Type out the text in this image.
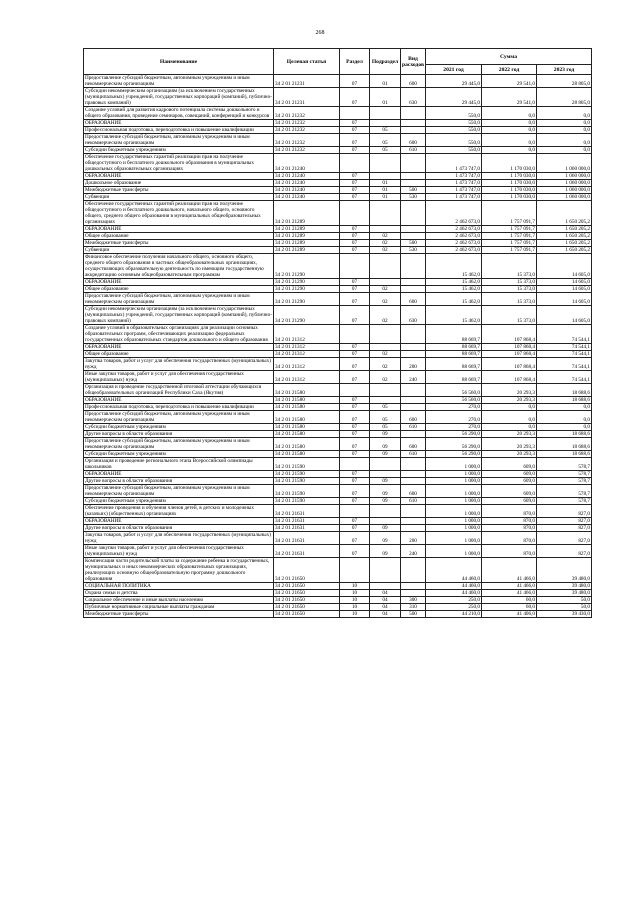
268
Наименование	Целевая статья	Раздел	Подраздел	Вид расходов	Сумма		
					2021 год	2022 год	2023 год
Предоставление субсидий бюджетным, автономным учреждениям и иным некоммерческим организациям	34 2 01 21231	07	01	600	29 445,0	29 541,0	28 805,0
Субсидии некоммерческим организациям (за исключением государственных (муниципальных) учреждений, государственных корпораций (компаний), публично-правовых компаний)	34 2 01 21231	07	01	630	29 445,0	29 541,0	28 805,0
Создание условий для развития кадрового потенциала системы дошкольного и общего образования, проведение семинаров, совещаний, конференций и конкурсов	34 2 01 21232				550,0	0,0	0,0
ОБРАЗОВАНИЕ	34 2 01 21232	07			550,0	0,0	0,0
Профессиональная подготовка, переподготовка и повышение квалификации	34 2 01 21232	07	05		550,0	0,0	0,0
Предоставление субсидий бюджетным, автономным учреждениям и иным некоммерческим организациям	34 2 01 21232	07	05	600	550,0	0,0	0,0
Субсидии бюджетным учреждениям	34 2 01 21232	07	05	610	550,0	0,0	0,0
Обеспечение государственных гарантий реализации прав на получение общедоступного и бесплатного дошкольного образования в муниципальных дошкольных образовательных организациях	34 2 01 21240				1 473 747,0	1 170 030,0	1 060 000,0
ОБРАЗОВАНИЕ	34 2 01 21240	07			1 473 747,0	1 170 030,0	1 060 000,0
Дошкольное образование	34 2 01 21240	07	01		1 473 747,0	1 170 030,0	1 060 000,0
Межбюджетные трансферты	34 2 01 21240	07	01	500	1 473 747,0	1 170 030,0	1 060 000,0
Субвенции	34 2 01 21240	07	01	530	1 473 747,0	1 170 030,0	1 060 000,0
Обеспечение государственных гарантий реализации прав на получение общедоступного и бесплатного дошкольного, начального общего, основного общего, среднего общего образования в муниципальных общеобразовательных организациях	34 2 01 21289				2 462 673,0	1 757 091,7	1 650 205,2
ОБРАЗОВАНИЕ	34 2 01 21289	07			2 462 673,0	1 757 091,7	1 650 205,2
Общее образование	34 2 01 21289	07	02		2 462 673,0	1 757 091,7	1 650 205,2
Межбюджетные трансферты	34 2 01 21289	07	02	500	2 462 673,0	1 757 091,7	1 650 205,2
Субвенции	34 2 01 21289	07	02	530	2 462 673,0	1 757 091,7	1 650 205,2
Финансовое обеспечение получения начального общего, основного общего, среднего общего образования в частных общеобразовательных организациях, осуществляющих образовательную деятельность по имеющим государственную аккредитацию основным общеобразовательным программам	34 2 01 21290				15 462,0	15 373,0	14 605,0
ОБРАЗОВАНИЕ	34 2 01 21290	07			15 462,0	15 373,0	14 605,0
Общее образование	34 2 01 21290	07	02		15 462,0	15 373,0	14 605,0
Предоставление субсидий бюджетным, автономным учреждениям и иным некоммерческим организациям	34 2 01 21290	07	02	600	15 462,0	15 373,0	14 605,0
Субсидии некоммерческим организациям (за исключением государственных (муниципальных) учреждений, государственных корпораций (компаний), публично-правовых компаний)	34 2 01 21290	07	02	630	15 462,0	15 373,0	14 605,0
Создание условий в образовательных организациях для реализации основных образовательных программ, обеспечивающих реализацию федеральных государственных образовательных стандартов дошкольного и общего образования	34 2 01 21312				88 669,7	107 868,4	74 544,1
ОБРАЗОВАНИЕ	34 2 01 21312	07			88 669,7	107 868,4	74 544,1
Общее образование	34 2 01 21312	07	02		88 669,7	107 868,4	74 544,1
Закупка товаров, работ и услуг для обеспечения государственных (муниципальных) нужд	34 2 01 21312	07	02	200	88 669,7	107 868,4	74 544,1
Иные закупки товаров, работ и услуг для обеспечения государственных (муниципальных) нужд	34 2 01 21312	07	02	240	88 669,7	107 868,4	74 544,1
Организация и проведение государственной итоговой аттестации обучающихся общеобразовательных организаций Республики Саха (Якутия)	34 2 01 21580				56 560,0	20 293,3	18 688,6
ОБРАЗОВАНИЕ	34 2 01 21580	07			56 560,0	20 293,3	18 688,6
Профессиональная подготовка, переподготовка и повышение квалификации	34 2 01 21580	07	05		270,0	0,0	0,0
Предоставление субсидий бюджетным, автономным учреждениям и иным некоммерческим организациям	34 2 01 21580	07	05	600	270,0	0,0	0,0
Субсидии бюджетным учреждениям	34 2 01 21580	07	05	610	270,0	0,0	0,0
Другие вопросы в области образования	34 2 01 21580	07	09		56 290,0	20 293,3	18 688,6
Предоставление субсидий бюджетным, автономным учреждениям и иным некоммерческим организациям	34 2 01 21580	07	09	600	56 290,0	20 293,3	18 688,6
Субсидии бюджетным учреждениям	34 2 01 21580	07	09	610	56 290,0	20 293,3	18 688,6
Организация и проведение регионального этапа Всероссийской олимпиады школьников	34 2 01 21590				1 000,0	609,0	578,7
ОБРАЗОВАНИЕ	34 2 01 21590	07			1 000,0	609,0	578,7
Другие вопросы в области образования	34 2 01 21590	07	09		1 000,0	609,0	578,7
Предоставление субсидий бюджетным, автономным учреждениям и иным некоммерческим организациям	34 2 01 21590	07	09	600	1 000,0	609,0	578,7
Субсидии бюджетным учреждениям	34 2 01 21590	07	09	610	1 000,0	609,0	578,7
Обеспечение проведения и обучения членов детей, в детских и молодежных (казачьих) (общественных) организациях	34 2 01 21631				1 000,0	870,0	827,0
ОБРАЗОВАНИЕ	34 2 01 21631	07			1 000,0	870,0	827,0
Другие вопросы в области образования	34 2 01 21631	07	09		1 000,0	870,0	827,0
Закупка товаров, работ и услуг для обеспечения государственных (муниципальных) нужд	34 2 01 21631	07	09	200	1 000,0	870,0	827,0
Иные закупки товаров, работ и услуг для обеспечения государственных (муниципальных) нужд	34 2 01 21631	07	09	240	1 000,0	870,0	827,0
Компенсация части родительской платы за содержание ребенка в государственных, муниципальных и иных некоммерческих образовательных организациях, реализующих основную общеобразовательную программу дошкольного образования	34 2 01 21650				44 460,0	41 466,0	39 480,0
СОЦИАЛЬНАЯ ПОЛИТИКА	34 2 01 21650	10			44 460,0	41 466,0	39 480,0
Охрана семьи и детства	34 2 01 21650	10	04		44 460,0	41 466,0	39 480,0
Социальное обеспечение и иные выплаты населению	34 2 01 21650	10	04	300	250,0	60,0	50,0
Публичные нормативные социальные выплаты гражданам	34 2 01 21650	10	04	310	250,0	60,0	50,0
Межбюджетные трансферты	34 2 01 21650	10	04	500	44 210,0	41 406,0	39 430,0
